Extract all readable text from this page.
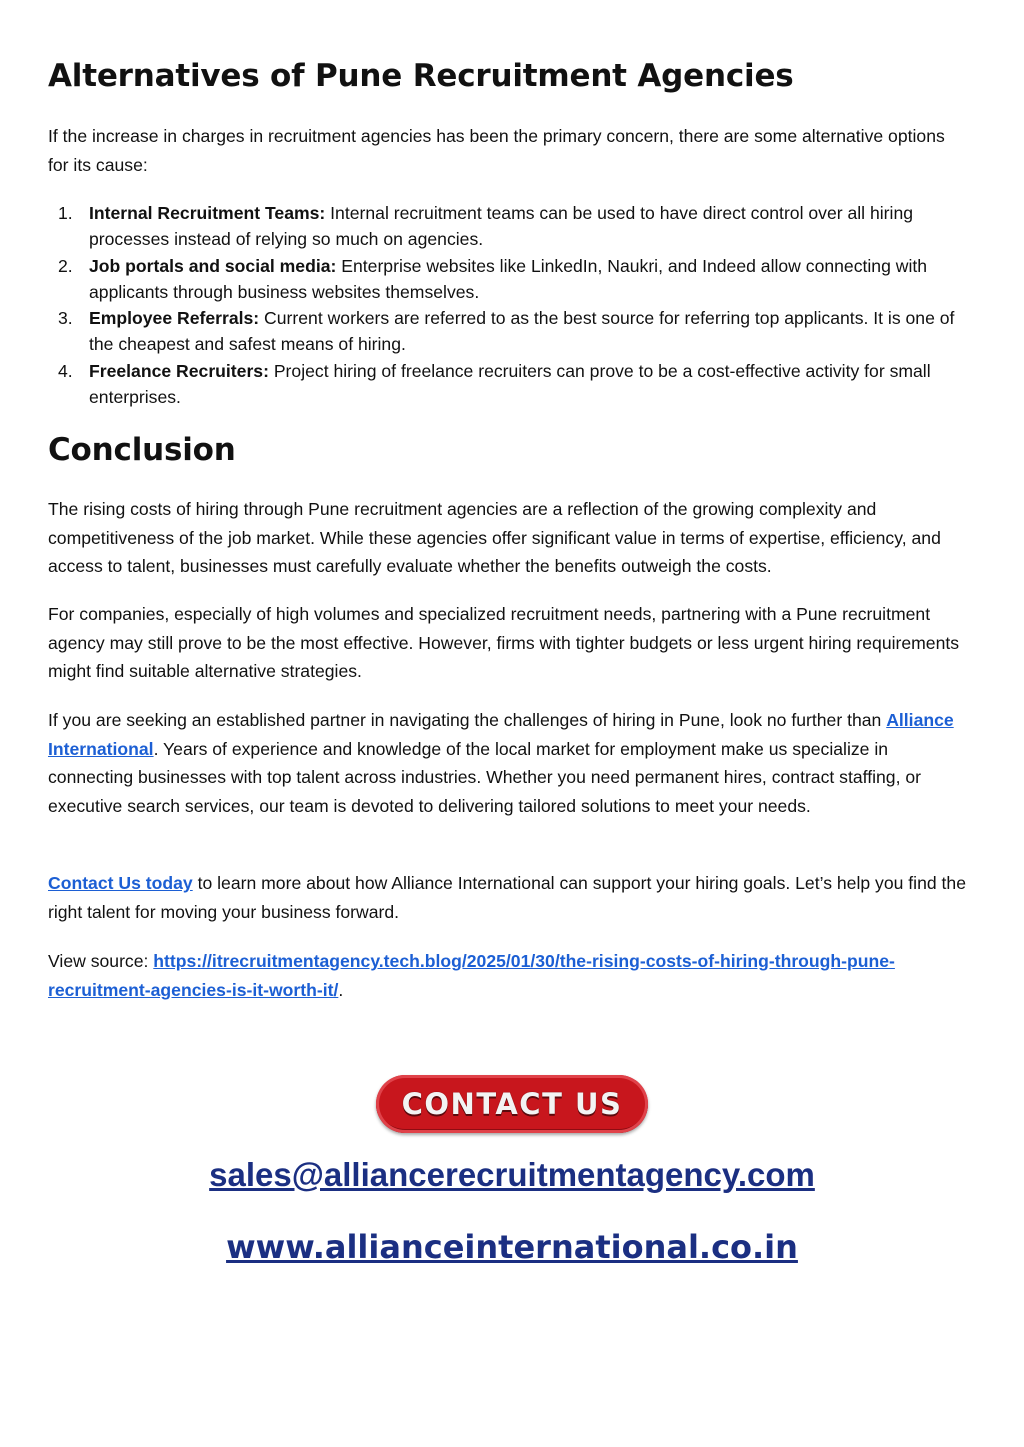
Alternatives of Pune Recruitment Agencies

If the increase in charges in recruitment agencies has been the primary concern, there are some alternative options for its cause:

1. Internal Recruitment Teams: Internal recruitment teams can be used to have direct control over all hiring processes instead of relying so much on agencies.
2. Job portals and social media: Enterprise websites like LinkedIn, Naukri, and Indeed allow connecting with applicants through business websites themselves.
3. Employee Referrals: Current workers are referred to as the best source for referring top applicants. It is one of the cheapest and safest means of hiring.
4. Freelance Recruiters: Project hiring of freelance recruiters can prove to be a cost-effective activity for small enterprises.
Conclusion

The rising costs of hiring through Pune recruitment agencies are a reflection of the growing complexity and competitiveness of the job market. While these agencies offer significant value in terms of expertise, efficiency, and access to talent, businesses must carefully evaluate whether the benefits outweigh the costs.

For companies, especially of high volumes and specialized recruitment needs, partnering with a Pune recruitment agency may still prove to be the most effective. However, firms with tighter budgets or less urgent hiring requirements might find suitable alternative strategies.

If you are seeking an established partner in navigating the challenges of hiring in Pune, look no further than Alliance International. Years of experience and knowledge of the local market for employment make us specialize in connecting businesses with top talent across industries. Whether you need permanent hires, contract staffing, or executive search services, our team is devoted to delivering tailored solutions to meet your needs.

Contact Us today to learn more about how Alliance International can support your hiring goals. Let’s help you find the right talent for moving your business forward.

View source: https://itrecruitmentagency.tech.blog/2025/01/30/the-rising-costs-of-hiring-through-pune-recruitment-agencies-is-it-worth-it/.

CONTACT US
sales@alliancerecruitmentagency.com
www.allianceinternational.co.in
